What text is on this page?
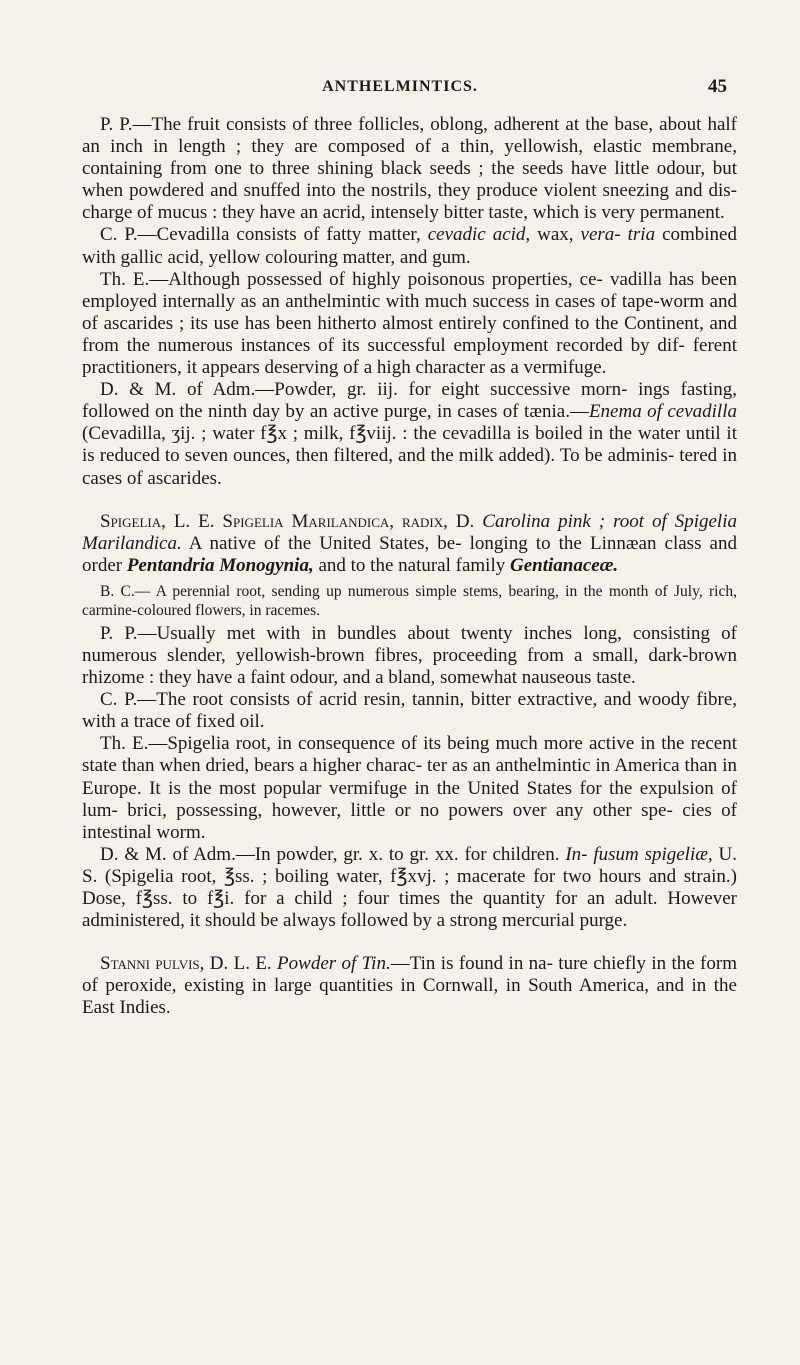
ANTHELMINTICS.	45

P. P.—The fruit consists of three follicles, oblong, adherent at the base, about half an inch in length ; they are composed of a thin, yellowish, elastic membrane, containing from one to three shining black seeds ; the seeds have little odour, but when powdered and snuffed into the nostrils, they produce violent sneezing and dis- charge of mucus : they have an acrid, intensely bitter taste, which is very permanent.

C. P.—Cevadilla consists of fatty matter, cevadic acid, wax, vera- tria combined with gallic acid, yellow colouring matter, and gum.

Th. E.—Although possessed of highly poisonous properties, ce- vadilla has been employed internally as an anthelmintic with much success in cases of tape-worm and of ascarides ; its use has been hitherto almost entirely confined to the Continent, and from the numerous instances of its successful employment recorded by dif- ferent practitioners, it appears deserving of a high character as a vermifuge.

D. & M. of Adm.—Powder, gr. iij. for eight successive morn- ings fasting, followed on the ninth day by an active purge, in cases of tænia.—Enema of cevadilla (Cevadilla, ʒij. ; water f℥x ; milk, f℥viij. : the cevadilla is boiled in the water until it is reduced to seven ounces, then filtered, and the milk added). To be adminis- tered in cases of ascarides.

Spigelia, L. E. Spigelia Marilandica, radix, D. Carolina pink ; root of Spigelia Marilandica. A native of the United States, be- longing to the Linnæan class and order Pentandria Monogynia, and to the natural family Gentianaceæ.

B. C.— A perennial root, sending up numerous simple stems, bearing, in the month of July, rich, carmine-coloured flowers, in racemes.

P. P.—Usually met with in bundles about twenty inches long, consisting of numerous slender, yellowish-brown fibres, proceeding from a small, dark-brown rhizome : they have a faint odour, and a bland, somewhat nauseous taste.

C. P.—The root consists of acrid resin, tannin, bitter extractive, and woody fibre, with a trace of fixed oil.

Th. E.—Spigelia root, in consequence of its being much more active in the recent state than when dried, bears a higher charac- ter as an anthelmintic in America than in Europe. It is the most popular vermifuge in the United States for the expulsion of lum- brici, possessing, however, little or no powers over any other spe- cies of intestinal worm.

D. & M. of Adm.—In powder, gr. x. to gr. xx. for children. In- fusum spigeliæ, U. S. (Spigelia root, ℥ss. ; boiling water, f℥xvj. ; macerate for two hours and strain.) Dose, f℥ss. to f℥i. for a child ; four times the quantity for an adult. However administered, it should be always followed by a strong mercurial purge.

Stanni pulvis, D. L. E. Powder of Tin.—Tin is found in na- ture chiefly in the form of peroxide, existing in large quantities in Cornwall, in South America, and in the East Indies.
